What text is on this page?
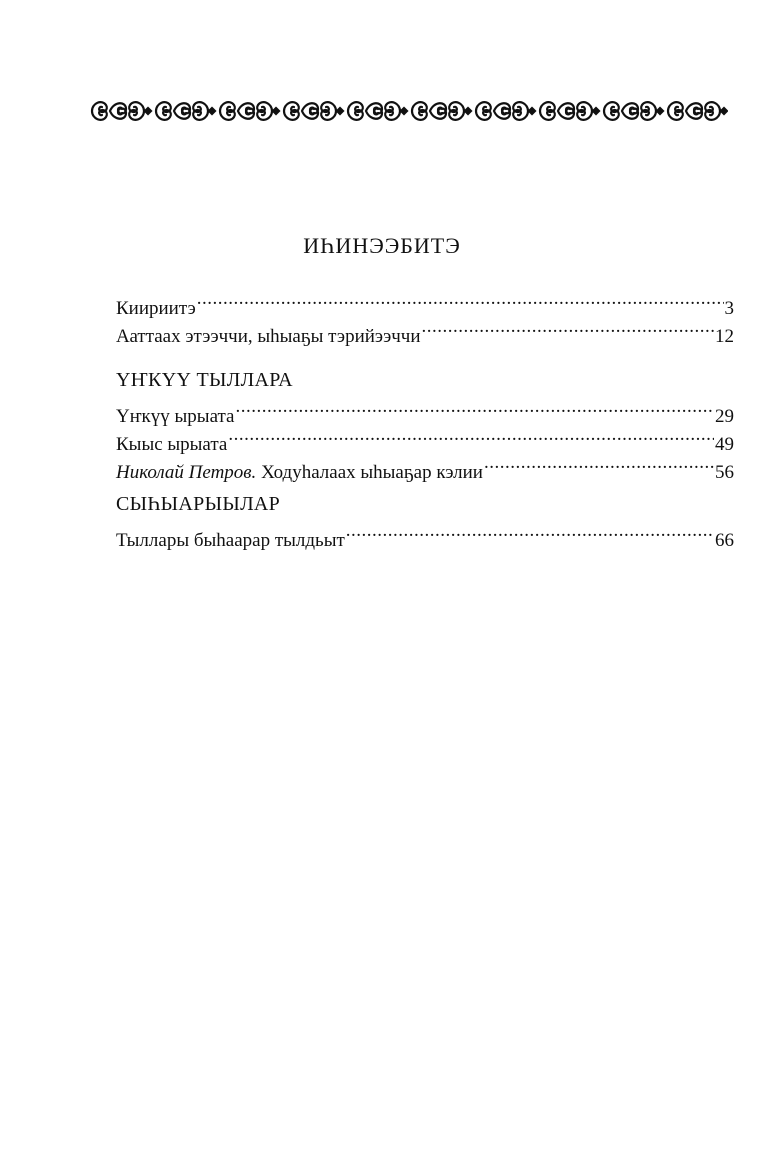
ИҺИНЭЭБИТЭ
Киириитэ .....	3
Ааттаах этээччи, ыһыаҕы тэрийээччи .....	12
ҮҤКҮҮ ТЫЛЛАРА
Үҥкүү ырыата .....	29
Кыыс ырыата .....	49
Николай Петров. Ходуһалаах ыһыаҕар кэлии .....	56
СЫҺЫАРЫЫЛАР
Тыллары быһаарар тылдьыт .....	66
